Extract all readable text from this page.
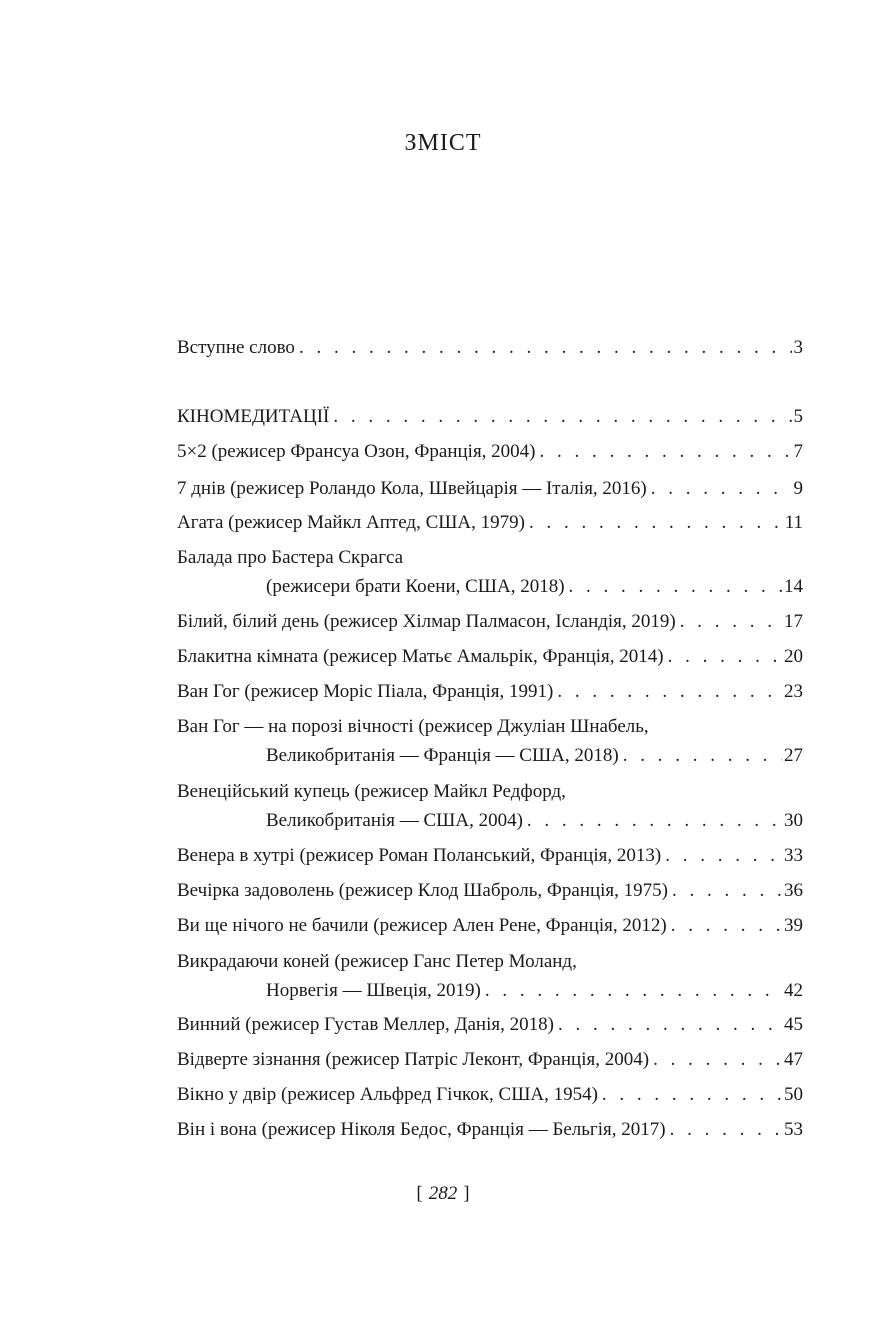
ЗМІСТ
Вступне слово . . .	3
КІНОМЕДИТАЦІЇ . . .	5
5×2 (режисер Франсуа Озон, Франція, 2004) . . .	7
7 днів (режисер Роландо Кола, Швейцарія — Італія, 2016) . . .	9
Агата (режисер Майкл Аптед, США, 1979) . . .	11
Балада про Бастера Скрагса
(режисери брати Коени, США, 2018) . . .	14
Білий, білий день (режисер Хілмар Палмасон, Ісландія, 2019) . . .	17
Блакитна кімната (режисер Матьє Амальрік, Франція, 2014) . . .	20
Ван Гог (режисер Моріс Піала, Франція, 1991) . . .	23
Ван Гог — на порозі вічності (режисер Джуліан Шнабель,
Великобританія — Франція — США, 2018) . . .	27
Венеційський купець (режисер Майкл Редфорд,
Великобританія — США, 2004) . . .	30
Венера в хутрі (режисер Роман Поланський, Франція, 2013) . . .	33
Вечірка задоволень (режисер Клод Шаброль, Франція, 1975) . . .	36
Ви ще нічого не бачили (режисер Ален Рене, Франція, 2012) . . .	39
Викрадаючи коней (режисер Ганс Петер Моланд,
Норвегія — Швеція, 2019) . . .	42
Винний (режисер Густав Меллер, Данія, 2018) . . .	45
Відверте зізнання (режисер Патріс Леконт, Франція, 2004) . . .	47
Вікно у двір (режисер Альфред Гічкок, США, 1954) . . .	50
Він і вона (режисер Ніколя Бедос, Франція — Бельгія, 2017) . . .	53
[ 282 ]
